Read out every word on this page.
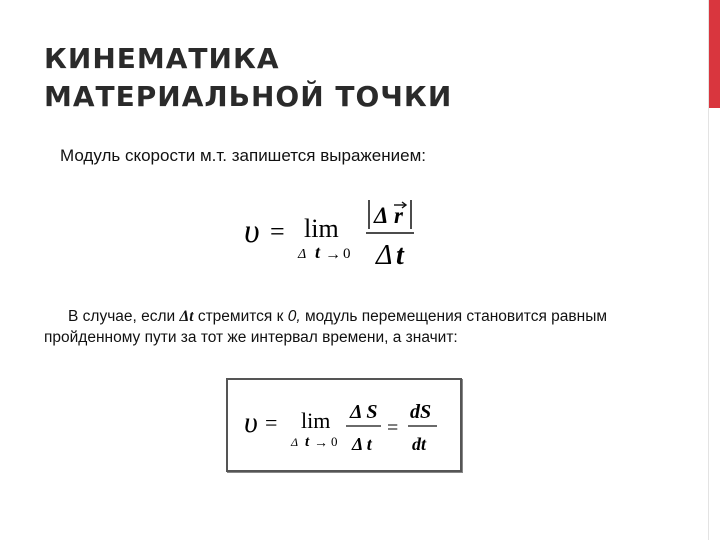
КИНЕМАТИКА
МАТЕРИАЛЬНОЙ ТОЧКИ
Модуль скорости м.т. запишется выражением:
υ = lim
Δ t → 0
Δ r
Δ t
В случае, если Δt стремится к 0, модуль перемещения становится равным пройденному пути за тот же интервал времени, а значит:
υ = lim
Δ t → 0
Δ S
Δ t
=
dS
dt
